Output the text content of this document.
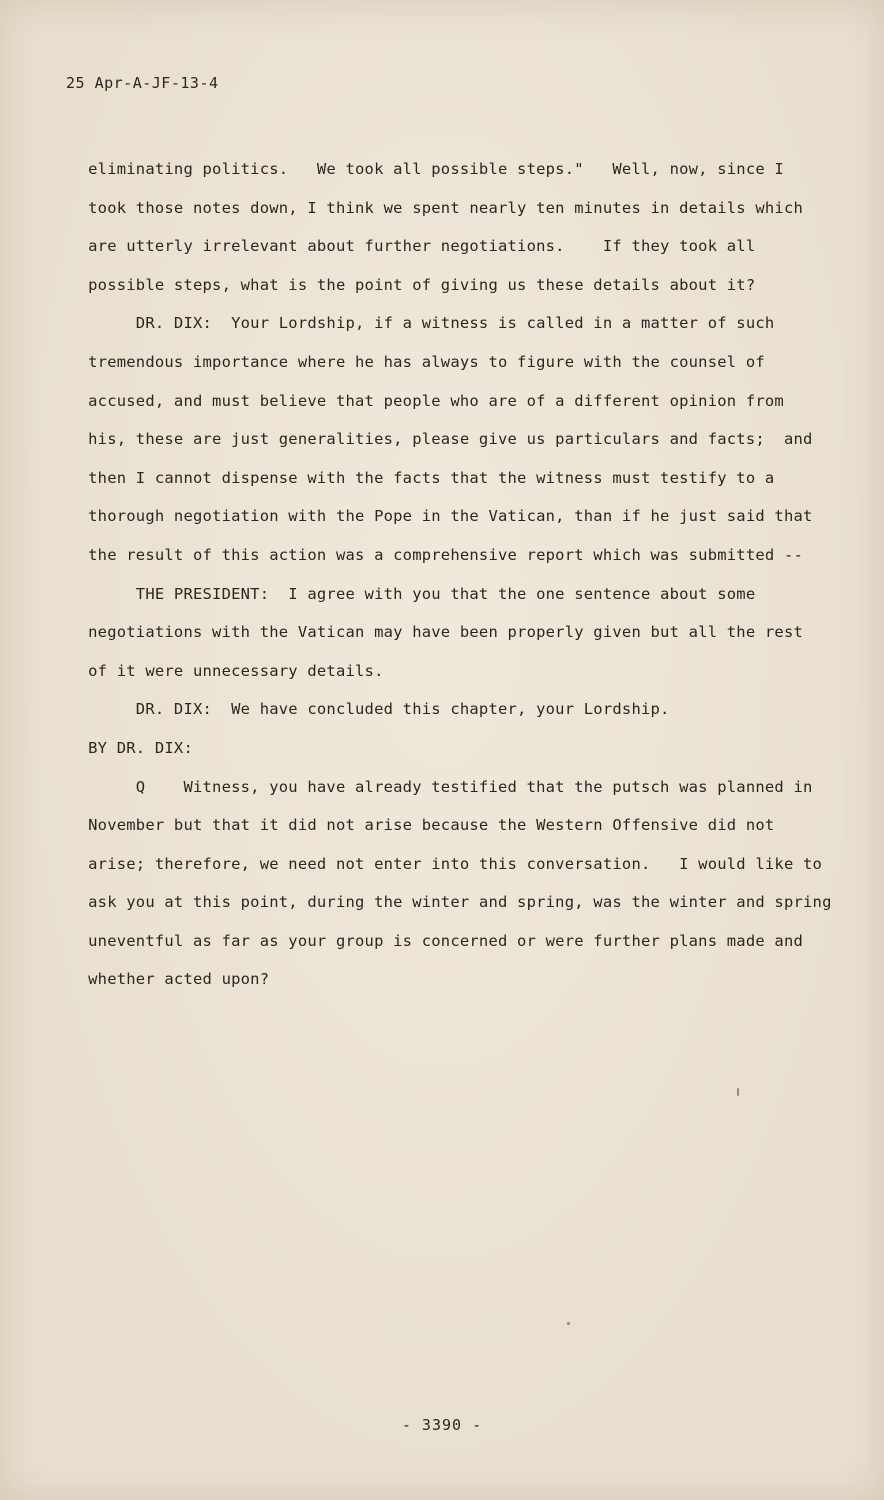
25 Apr-A-JF-13-4
eliminating politics.   We took all possible steps."   Well, now, since I
took those notes down, I think we spent nearly ten minutes in details which
are utterly irrelevant about further negotiations.    If they took all
possible steps, what is the point of giving us these details about it?
DR. DIX:  Your Lordship, if a witness is called in a matter of such
tremendous importance where he has always to figure with the counsel of
accused, and must believe that people who are of a different opinion from
his, these are just generalities, please give us particulars and facts;  and
then I cannot dispense with the facts that the witness must testify to a
thorough negotiation with the Pope in the Vatican, than if he just said that
the result of this action was a comprehensive report which was submitted --
THE PRESIDENT:  I agree with you that the one sentence about some
negotiations with the Vatican may have been properly given but all the rest
of it were unnecessary details.
DR. DIX:  We have concluded this chapter, your Lordship.
BY DR. DIX:
Q    Witness, you have already testified that the putsch was planned in
November but that it did not arise because the Western Offensive did not
arise; therefore, we need not enter into this conversation.   I would like to
ask you at this point, during the winter and spring, was the winter and spring
uneventful as far as your group is concerned or were further plans made and
whether acted upon?
- 3390 -
